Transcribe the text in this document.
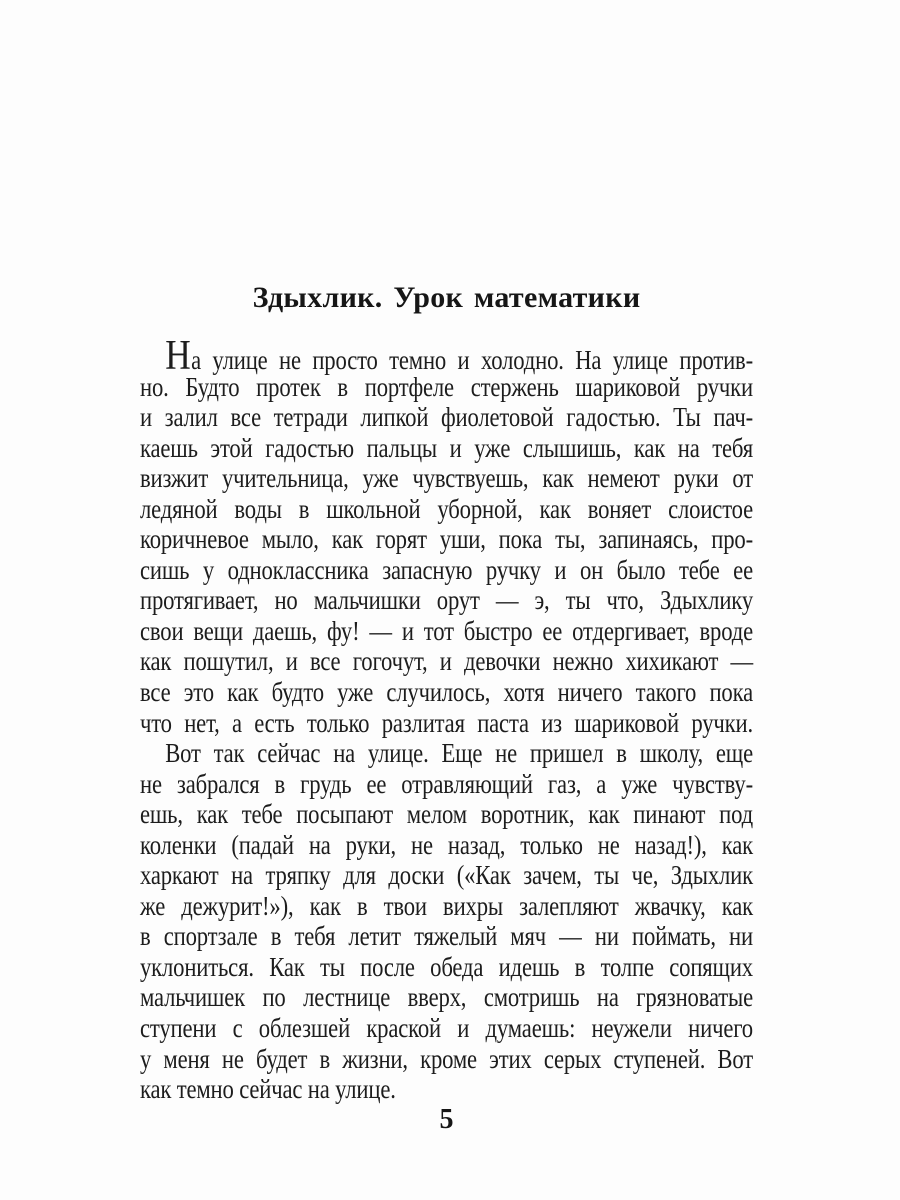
Здыхлик. Урок математики
На улице не просто темно и холодно. На улице против-
но. Будто протек в портфеле стержень шариковой ручки
и залил все тетради липкой фиолетовой гадостью. Ты пач-
каешь этой гадостью пальцы и уже слышишь, как на тебя
визжит учительница, уже чувствуешь, как немеют руки от
ледяной воды в школьной уборной, как воняет слоистое
коричневое мыло, как горят уши, пока ты, запинаясь, про-
сишь у одноклассника запасную ручку и он было тебе ее
протягивает, но мальчишки орут — э, ты что, Здыхлику
свои вещи даешь, фу! — и тот быстро ее отдергивает, вроде
как пошутил, и все гогочут, и девочки нежно хихикают —
все это как будто уже случилось, хотя ничего такого пока
что нет, а есть только разлитая паста из шариковой ручки.
Вот так сейчас на улице. Еще не пришел в школу, еще
не забрался в грудь ее отравляющий газ, а уже чувству-
ешь, как тебе посыпают мелом воротник, как пинают под
коленки (падай на руки, не назад, только не назад!), как
харкают на тряпку для доски («Как зачем, ты че, Здыхлик
же дежурит!»), как в твои вихры залепляют жвачку, как
в спортзале в тебя летит тяжелый мяч — ни поймать, ни
уклониться. Как ты после обеда идешь в толпе сопящих
мальчишек по лестнице вверх, смотришь на грязноватые
ступени с облезшей краской и думаешь: неужели ничего
у меня не будет в жизни, кроме этих серых ступеней. Вот
как темно сейчас на улице.
5
